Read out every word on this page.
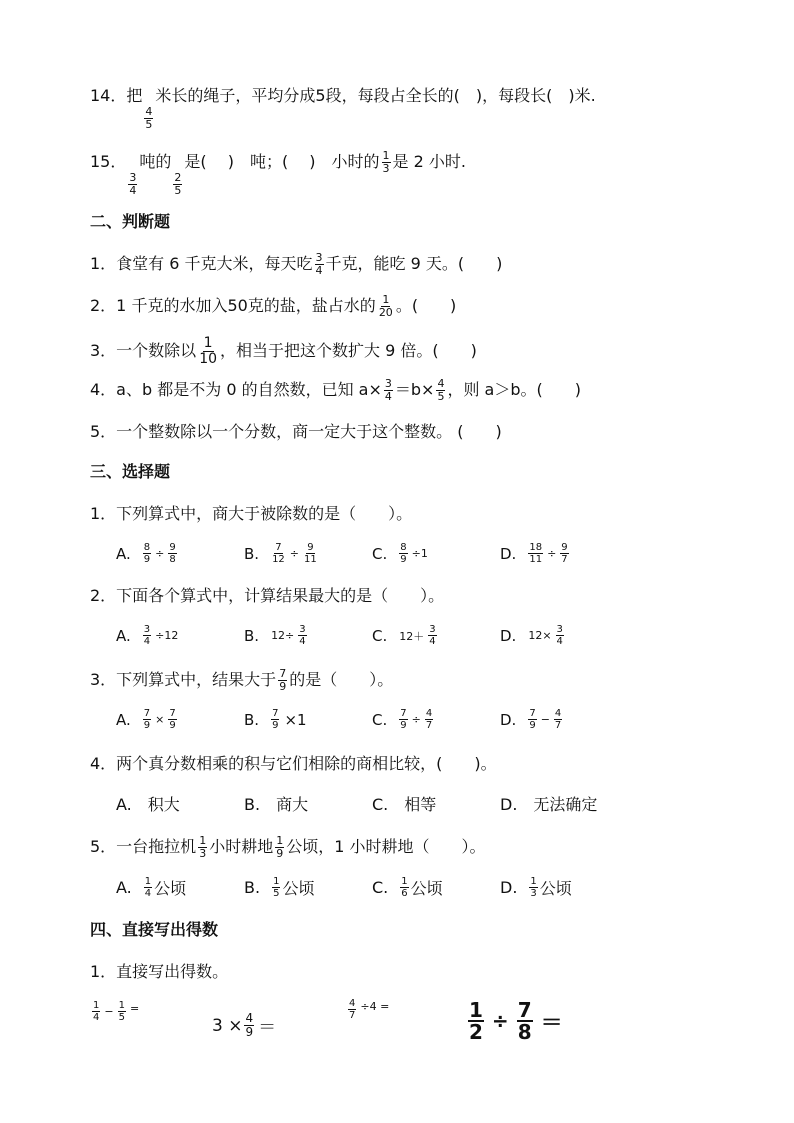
14．把
$\frac{4}{5}$
米长的绳子，平均分成5段，每段占全长的(　)，每段长(　)米.
15．
$\frac{3}{4}$
吨的
$\frac{2}{5}$
是(　 )　吨；(　 )　小时的 $\frac{1}{3}$ 是 2 小时.
二、判断题
1．食堂有 6 千克大米，每天吃 $\frac{3}{4}$ 千克，能吃 9 天。(　　)
2．1 千克的水加入50克的盐，盐占水的 $\frac{1}{20}$ 。(　　)
3．一个数除以 $\frac{1}{10}$ ，相当于把这个数扩大 9 倍。(　　)
4．a、b 都是不为 0 的自然数，已知 $a\times \frac{3}{4} =b\times \frac{4}{5}$ ，则 a＞b。(　　)
5．一个整数除以一个分数，商一定大于这个整数。 (　　)
三、选择题
1．下列算式中，商大于被除数的是（　　）。
A. $\frac{8}{9} \div \frac{9}{8}$	B. $\frac{7}{12} \div \frac{9}{11}$	C. $\frac{8}{9} \div 1$	D. $\frac{18}{11} \div \frac{9}{7}$
2．下面各个算式中，计算结果最大的是（　　）。
A. $\frac{3}{4} \div 12$	B. $12\div \frac{3}{4}$	C. $12+ \frac{3}{4}$	D. $12\times \frac{3}{4}$
3．下列算式中，结果大于 $\frac{7}{9}$ 的是（　　）。
A. $\frac{7}{9} \times \frac{7}{9}$	B. $\frac{7}{9} \times 1$	C. $\frac{7}{9} \div \frac{4}{7}$	D. $\frac{7}{9} - \frac{4}{7}$
4．两个真分数相乘的积与它们相除的商相比较，(　　)。
A.　积大	B.　商大	C.　相等	D.　无法确定
5．一台拖拉机 $\frac{1}{3}$ 小时耕地 $\frac{1}{9}$ 公顷，1 小时耕地（　　）。
A. $\frac{1}{4}$ 公顷	B. $\frac{1}{5}$ 公顷	C. $\frac{1}{6}$ 公顷	D. $\frac{1}{3}$ 公顷
四、直接写出得数
1．直接写出得数。
$\frac{1}{4} - \frac{1}{5}$ =
$3 \times \frac{4}{9}$ ＝
$\frac{4}{7} \div 4$ =	$\frac{1}{2} \div \frac{7}{8}$ ＝
